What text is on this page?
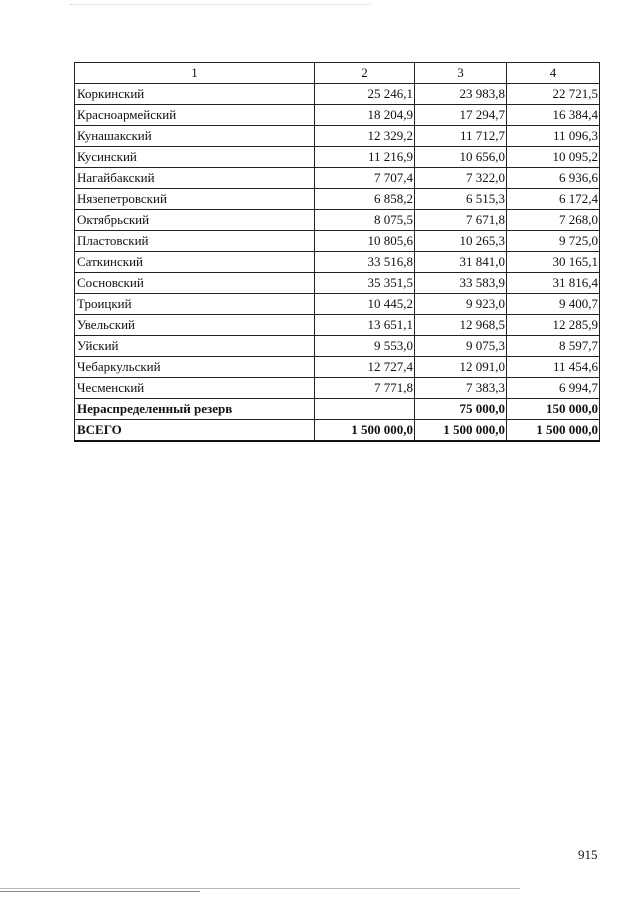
1	2	3	4
Коркинский	25 246,1	23 983,8	22 721,5
Красноармейский	18 204,9	17 294,7	16 384,4
Кунашакский	12 329,2	11 712,7	11 096,3
Кусинский	11 216,9	10 656,0	10 095,2
Нагайбакский	7 707,4	7 322,0	6 936,6
Нязепетровский	6 858,2	6 515,3	6 172,4
Октябрьский	8 075,5	7 671,8	7 268,0
Пластовский	10 805,6	10 265,3	9 725,0
Саткинский	33 516,8	31 841,0	30 165,1
Сосновский	35 351,5	33 583,9	31 816,4
Троицкий	10 445,2	9 923,0	9 400,7
Увельский	13 651,1	12 968,5	12 285,9
Уйский	9 553,0	9 075,3	8 597,7
Чебаркульский	12 727,4	12 091,0	11 454,6
Чесменский	7 771,8	7 383,3	6 994,7
Нераспределенный резерв		75 000,0	150 000,0
ВСЕГО	1 500 000,0	1 500 000,0	1 500 000,0
915
